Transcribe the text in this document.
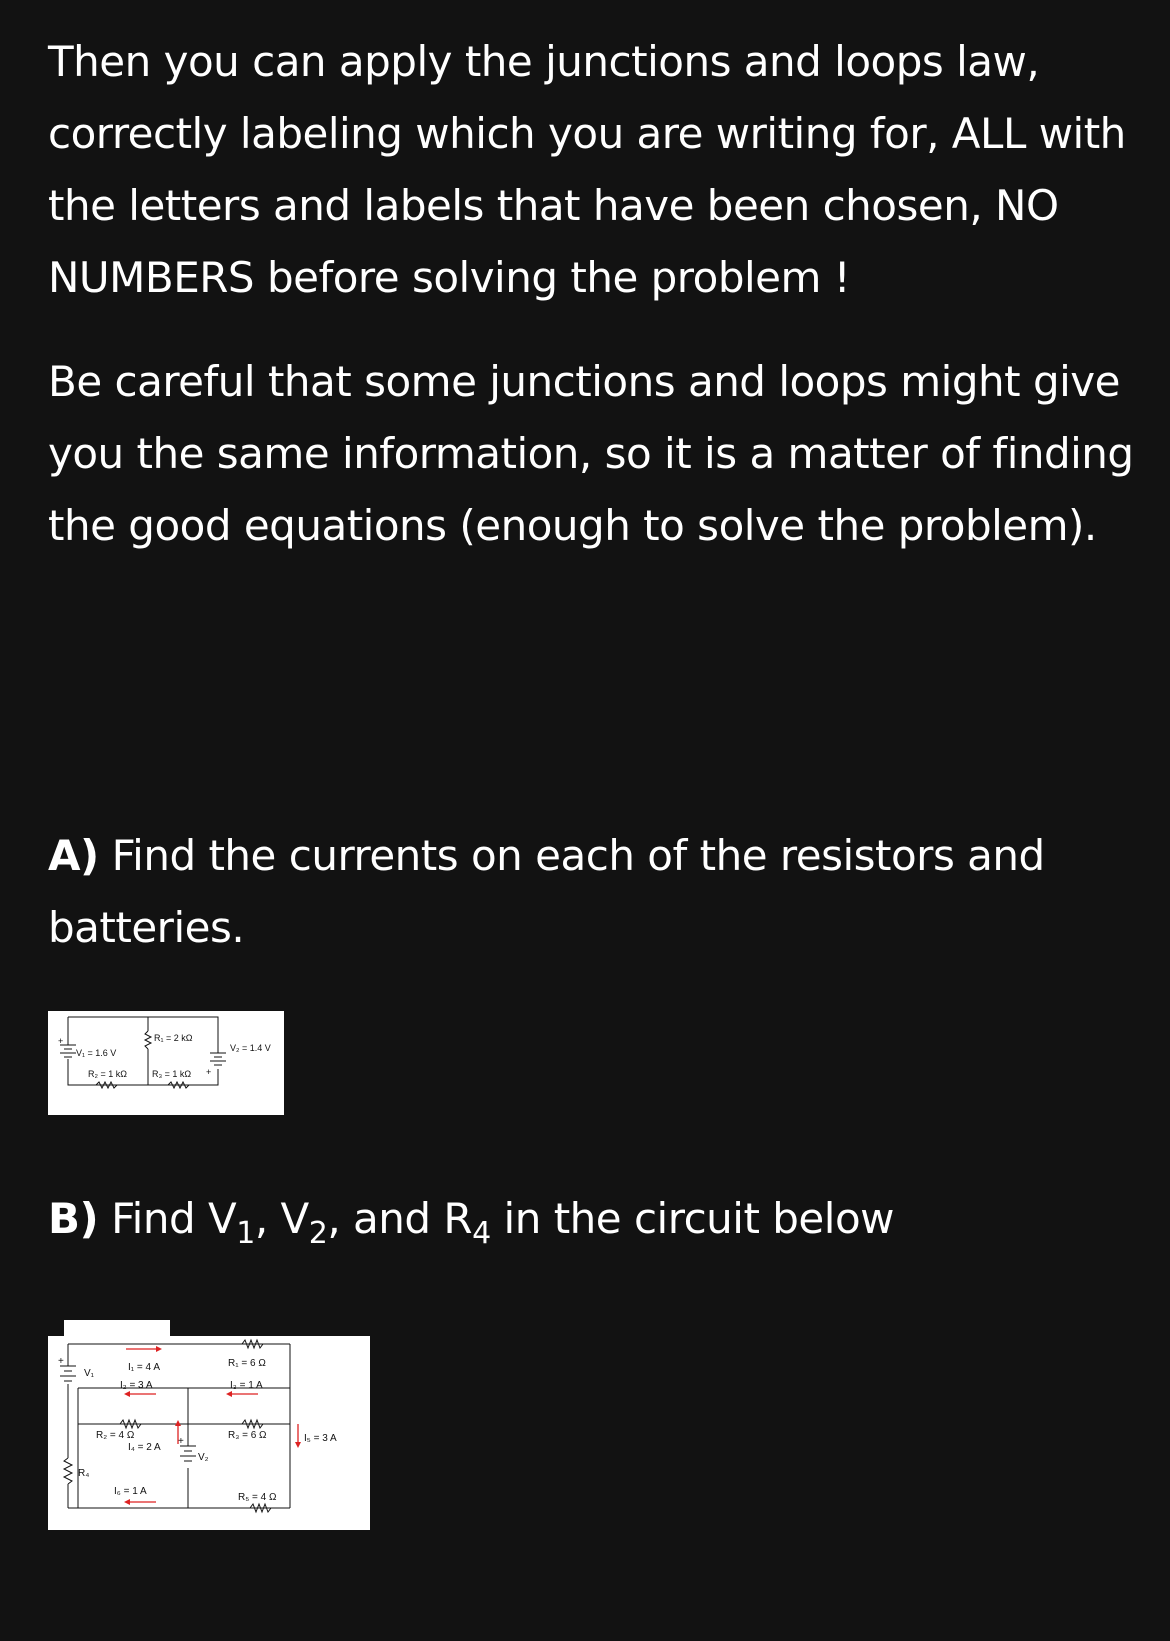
Then you can apply the junctions and loops law, correctly labeling which you are writing for, ALL with the letters and labels that have been chosen, NO NUMBERS before solving the problem !

Be careful that some junctions and loops might give you the same information, so it is a matter of finding the good equations (enough to solve the problem).

A) Find the currents on each of the resistors and batteries.

+
+
R₁ = 2 kΩ
V₁ = 1.6 V	V₂ = 1.4 V
R₂ = 1 kΩ	R₃ = 1 kΩ

B) Find $V_1$, $V_2$, and $R_4$ in the circuit below

+
+
I₁ = 4 A
I₂ = 3 A	I₃ = 1 A
I₄ = 2 A
I₅ = 3 A
I₆ = 1 A
R₁ = 6 Ω
R₂ = 4 Ω	R₃ = 6 Ω
R₄
R₅ = 4 Ω
V₁
V₂
